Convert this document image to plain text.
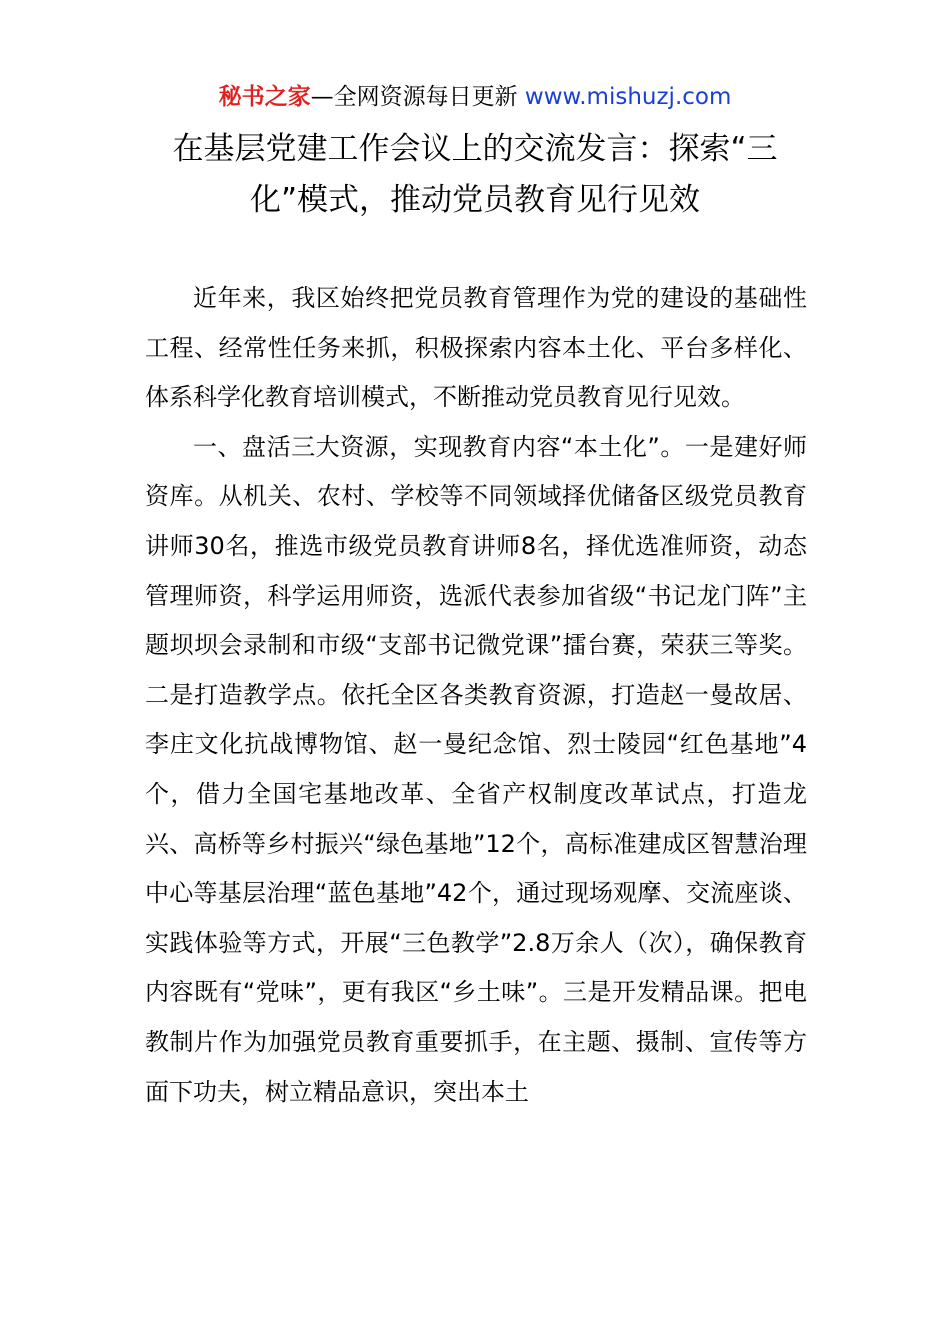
秘书之家—全网资源每日更新 www.mishuzj.com
在基层党建工作会议上的交流发言：探索“三化”模式，推动党员教育见行见效

近年来，我区始终把党员教育管理作为党的建设的基础性工程、经常性任务来抓，积极探索内容本土化、平台多样化、体系科学化教育培训模式，不断推动党员教育见行见效。

一、盘活三大资源，实现教育内容“本土化”。一是建好师资库。从机关、农村、学校等不同领域择优储备区级党员教育讲师30名，推选市级党员教育讲师8名，择优选准师资，动态管理师资，科学运用师资，选派代表参加省级“书记龙门阵”主题坝坝会录制和市级“支部书记微党课”擂台赛，荣获三等奖。二是打造教学点。依托全区各类教育资源，打造赵一曼故居、李庄文化抗战博物馆、赵一曼纪念馆、烈士陵园“红色基地”4个，借力全国宅基地改革、全省产权制度改革试点，打造龙兴、高桥等乡村振兴“绿色基地”12个，高标准建成区智慧治理中心等基层治理“蓝色基地”42个，通过现场观摩、交流座谈、实践体验等方式，开展“三色教学”2.8万余人（次），确保教育内容既有“党味”，更有我区“乡土味”。三是开发精品课。把电教制片作为加强党员教育重要抓手，在主题、摄制、宣传等方面下功夫，树立精品意识，突出本土
